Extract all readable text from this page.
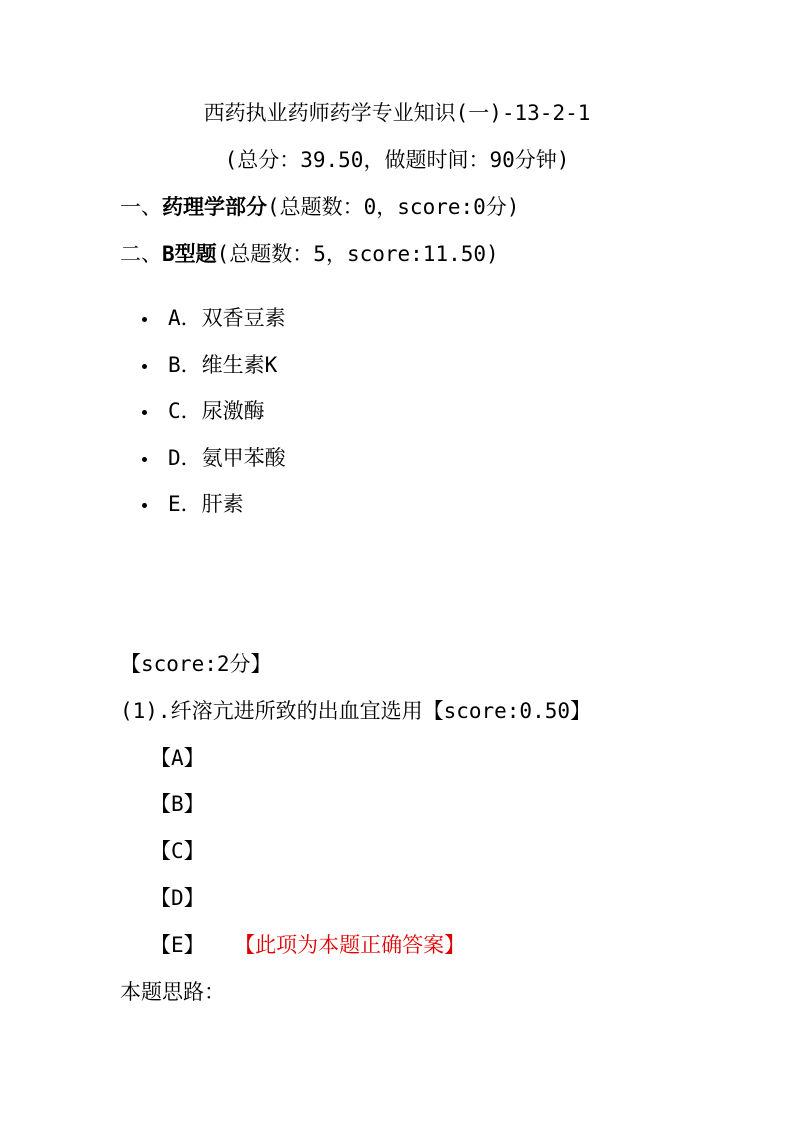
西药执业药师药学专业知识(一)-13-2-1
(总分：39.50，做题时间：90分钟)
一、药理学部分(总题数：0，score:0分)
二、B型题(总题数：5，score:11.50)
A．双香豆素
B．维生素K
C．尿激酶
D．氨甲苯酸
E．肝素
【score:2分】
(1).纤溶亢进所致的出血宜选用【score:0.50】
【A】
【B】
【C】
【D】
【E】 【此项为本题正确答案】
本题思路：
